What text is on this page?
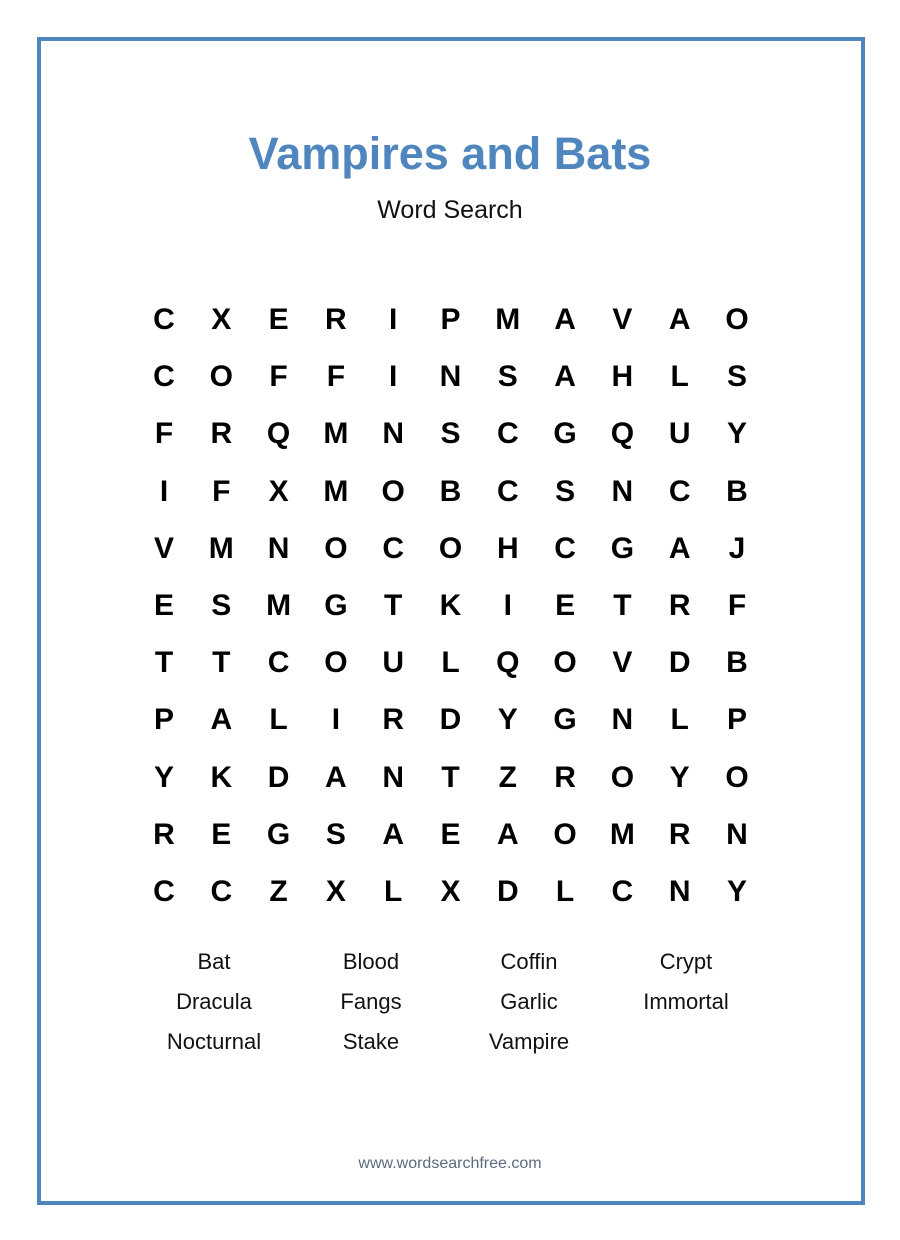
Vampires and Bats
Word Search
C	X	E	R	I	P	M	A	V	A	O
C	O	F	F	I	N	S	A	H	L	S
F	R	Q	M	N	S	C	G	Q	U	Y
I	F	X	M	O	B	C	S	N	C	B
V	M	N	O	C	O	H	C	G	A	J
E	S	M	G	T	K	I	E	T	R	F
T	T	C	O	U	L	Q	O	V	D	B
P	A	L	I	R	D	Y	G	N	L	P
Y	K	D	A	N	T	Z	R	O	Y	O
R	E	G	S	A	E	A	O	M	R	N
C	C	Z	X	L	X	D	L	C	N	Y
Bat	Blood	Coffin	Crypt
Dracula	Fangs	Garlic	Immortal
Nocturnal	Stake	Vampire
www.wordsearchfree.com
